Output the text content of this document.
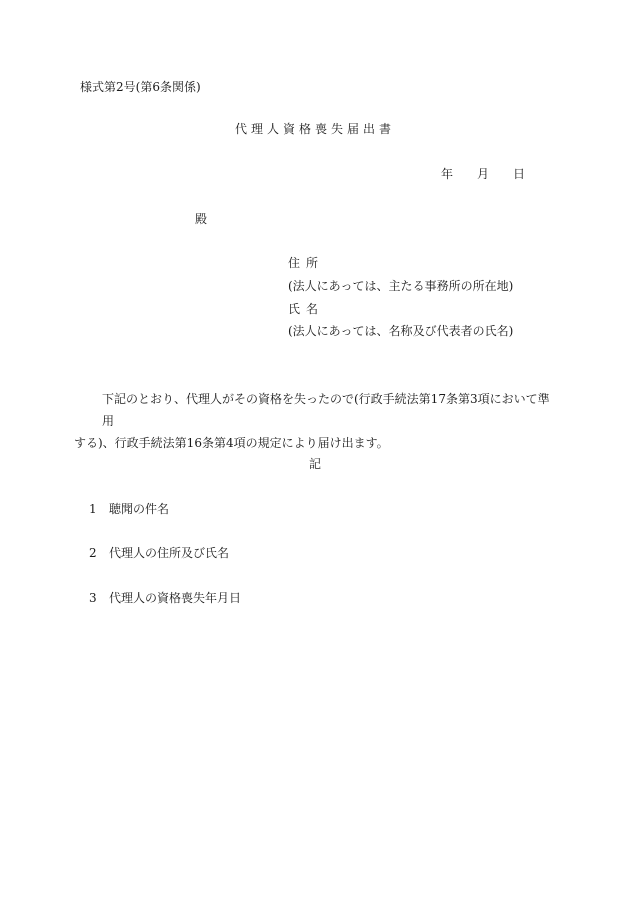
様式第2号(第6条関係)
代理人資格喪失届出書
年 月 日
殿
住所
(法人にあっては、主たる事務所の所在地)
氏名
(法人にあっては、名称及び代表者の氏名)
下記のとおり、代理人がその資格を失ったので(行政手続法第17条第3項において準用
する)、行政手続法第16条第4項の規定により届け出ます。
記
1 聴聞の件名
2 代理人の住所及び氏名
3 代理人の資格喪失年月日
